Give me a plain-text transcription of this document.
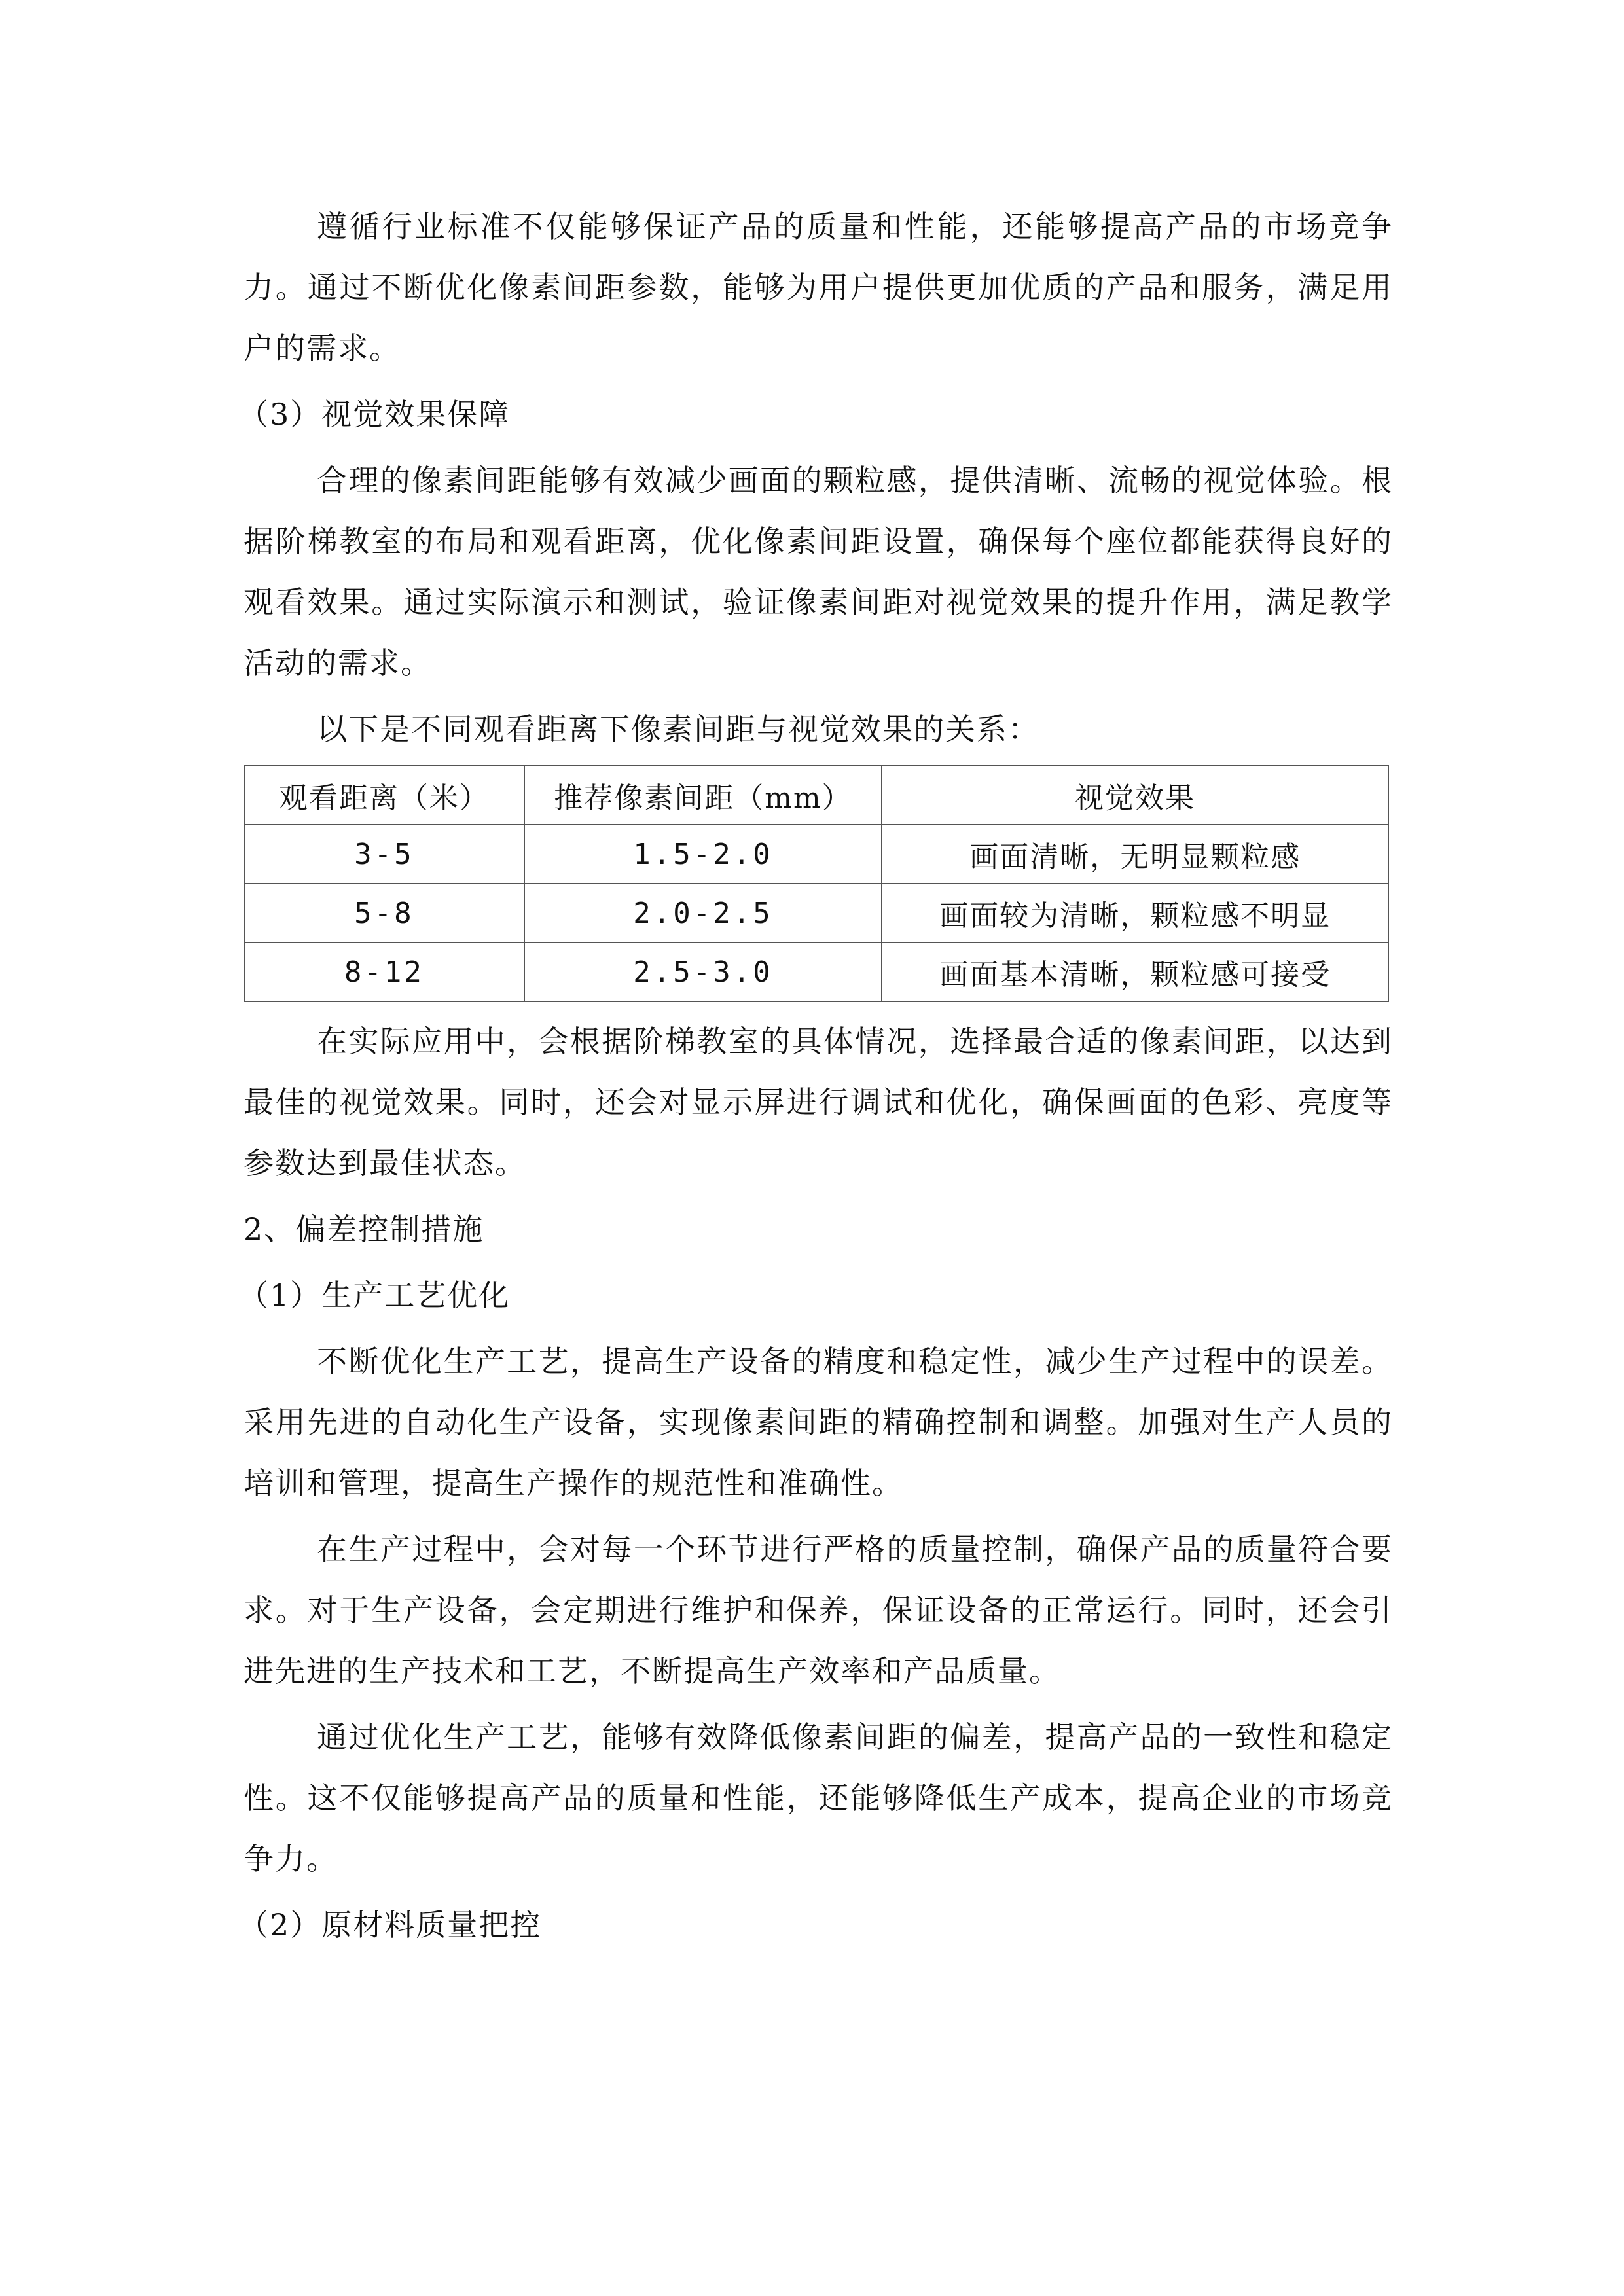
遵循行业标准不仅能够保证产品的质量和性能，还能够提高产品的市场竞争力。通过不断优化像素间距参数，能够为用户提供更加优质的产品和服务，满足用户的需求。

（3）视觉效果保障

合理的像素间距能够有效减少画面的颗粒感，提供清晰、流畅的视觉体验。根据阶梯教室的布局和观看距离，优化像素间距设置，确保每个座位都能获得良好的观看效果。通过实际演示和测试，验证像素间距对视觉效果的提升作用，满足教学活动的需求。

以下是不同观看距离下像素间距与视觉效果的关系：

观看距离（米）	推荐像素间距（mm）	视觉效果
3-5	1.5-2.0	画面清晰，无明显颗粒感
5-8	2.0-2.5	画面较为清晰，颗粒感不明显
8-12	2.5-3.0	画面基本清晰，颗粒感可接受

在实际应用中，会根据阶梯教室的具体情况，选择最合适的像素间距，以达到最佳的视觉效果。同时，还会对显示屏进行调试和优化，确保画面的色彩、亮度等参数达到最佳状态。

2、偏差控制措施

（1）生产工艺优化

不断优化生产工艺，提高生产设备的精度和稳定性，减少生产过程中的误差。采用先进的自动化生产设备，实现像素间距的精确控制和调整。加强对生产人员的培训和管理，提高生产操作的规范性和准确性。

在生产过程中，会对每一个环节进行严格的质量控制，确保产品的质量符合要求。对于生产设备，会定期进行维护和保养，保证设备的正常运行。同时，还会引进先进的生产技术和工艺，不断提高生产效率和产品质量。

通过优化生产工艺，能够有效降低像素间距的偏差，提高产品的一致性和稳定性。这不仅能够提高产品的质量和性能，还能够降低生产成本，提高企业的市场竞争力。

（2）原材料质量把控
